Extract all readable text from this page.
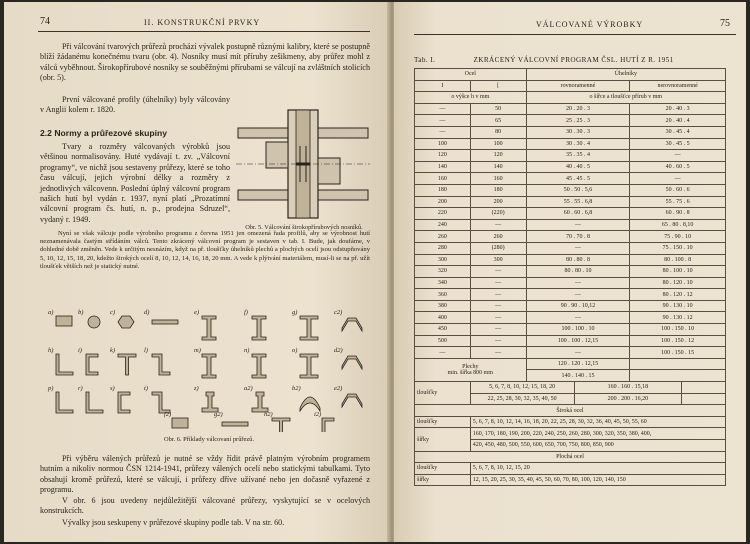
74	II. KONSTRUKČNÍ PRVKY
Při válcování tvarových průřezů prochází vývalek postupně různými kalibry, které se postupně blíží žádanému konečnému tvaru (obr. 4). Nosníky musí mít příruby zešikmeny, aby průřez mohl z válců vyběhnout. Širokopřírubové nosníky se souběžnými přírubami se válcují na zvláštních stolicích (obr. 5).
První válcované profily (úhelníky) byly válcovány v Anglii kolem r. 1820.
2.2 Normy a průřezové skupiny
Tvary a rozměry válcovaných výrobků jsou většinou normalisovány. Huté vydávají t. zv. „Válcovní programy“, ve nichž jsou sestaveny průřezy, které se toho času válcují, jejich výrobní délky a rozměry z jednotlivých válcovenn. Poslední úplný válcovní program našich hutí byl vydán r. 1937, nyní platí „Prozatímní válcovní program čs. hutí, n. p., prodejna Sdruzel“, vydaný r. 1949.
Nyní se však válcuje podle výrobního programu z června 1951 jen omezená řada profilů, aby se výrobnost hutí neznamenávala častým střídáním válců. Tento zkrácený válcovní program je sestaven v tab. I. Bude, jak doufáme, v dohledné době změněn. Vede k určitým nesnázím, když na př. tloušťky úhelníků plechů a plochých ocelí jsou odstupňovány 5, 10, 12, 15, 18, 20, kdežto širokých ocelí 8, 10, 12, 14, 16, 18, 20 mm. A vede k plýtvání materiálem, musí-li se na př. užít tloušťek větších než je statický nutné.
Obr. 5. Válcování širokopřírubových nosníků.
a)	b)	c)	d)	e)	f)	g)
h)	i)	k)	l)	m)	n)	o)
p)	r)	s)	t)	z)	a2)	b2)
c2)
d2)
e2)
f2)	g2)	h2)	i2)
Obr. 6. Příklady válcovaní průřezů.
Při výběru válených průřezů je nutné se vždy řídit právě platným výrobním programem hutním a nikoliv normou ČSN 1214-1941, průřezy válených ocelí nebo statickými tabulkami. Tyto obsahují kromě průřezů, které se válcují, i průřezy dříve užívané nebo jen dočasně vyřazené z programu.
V obr. 6 jsou uvedeny nejdůležitější válcované průřezy, vyskytující se v ocelových konstrukcích.
Vývalky jsou seskupeny v průřezové skupiny podle tab. V na str. 60.
VÁLCOVANÉ VÝROBKY	75
Tab. I.	ZKRÁCENÝ VÁLCOVNÍ PROGRAM ČSL. HUTÍ Z R. 1951
Ocel		Úhelníky			
I	[	rovnoramenné		nerovnoramenné	
o výšce h v mm		o šířce a tloušťce přírub v mm			
—	50	20 . 20 . 3		20 . 40 . 3	
—	65	25 . 25 . 3		20 . 40 . 4	
—	80	30 . 30 . 3		30 . 45 . 4	
100	100	30 . 30 . 4		30 . 45 . 5	
120	120	35 . 35 . 4		—	
140	140	40 . 40 . 5		40 . 60 . 5	
160	160	45 . 45 . 5		—	
180	180	50 . 50 . 5,6		50 . 60 . 6	
200	200	55 . 55 . 6,8		55 . 75 . 6	
220	(220)	60 . 60 . 6,8		60 . 90 . 8	
240	—	—		65 . 80 . 8,10	
260	260	70 . 70 . 8		75 . 90 . 10	
280	(280)	—		75 . 150 . 10	
300	300	80 . 80 . 8		80 . 100 . 8	
320	—	80 . 80 . 10		80 . 100 . 10	
340	—	—		80 . 120 . 10	
360	—	—		80 . 120 . 12	
380	—	90 . 90 . 10,12		90 . 130 . 10	
400	—	—		90 . 130 . 12	
450	—	100 . 100 . 10		100 . 150 . 10	
500	—	100 . 100 . 12,15		100 . 150 . 12	
—	—	—		100 . 150 . 15	
Plechy
min. šířka 800 mm		120 . 120 . 12,15			
		140 . 140 . 15			
tloušťky	5, 6, 7, 8, 10, 12, 15, 18, 20		160 . 160 . 15,18		
	22, 25, 28, 30, 32, 35, 40, 50		200 . 200 . 16,20		
Široká ocel					
tloušťky	5, 6, 7, 8, 10, 12, 14, 16, 18, 20, 22, 25, 28, 30, 32, 36, 40, 45, 50, 55, 60				
šířky	160, 170, 180, 190, 200, 220, 240, 250, 260, 280, 300, 320, 350, 380, 400,				
	420, 450, 480, 500, 550, 600, 650, 700, 750, 800, 850, 900				
Plochá ocel					
tloušťky	5, 6, 7, 8, 10, 12, 15, 20				
šířky	12, 15, 20, 25, 30, 35, 40, 45, 50, 60, 70, 80, 100, 120, 140, 150				
